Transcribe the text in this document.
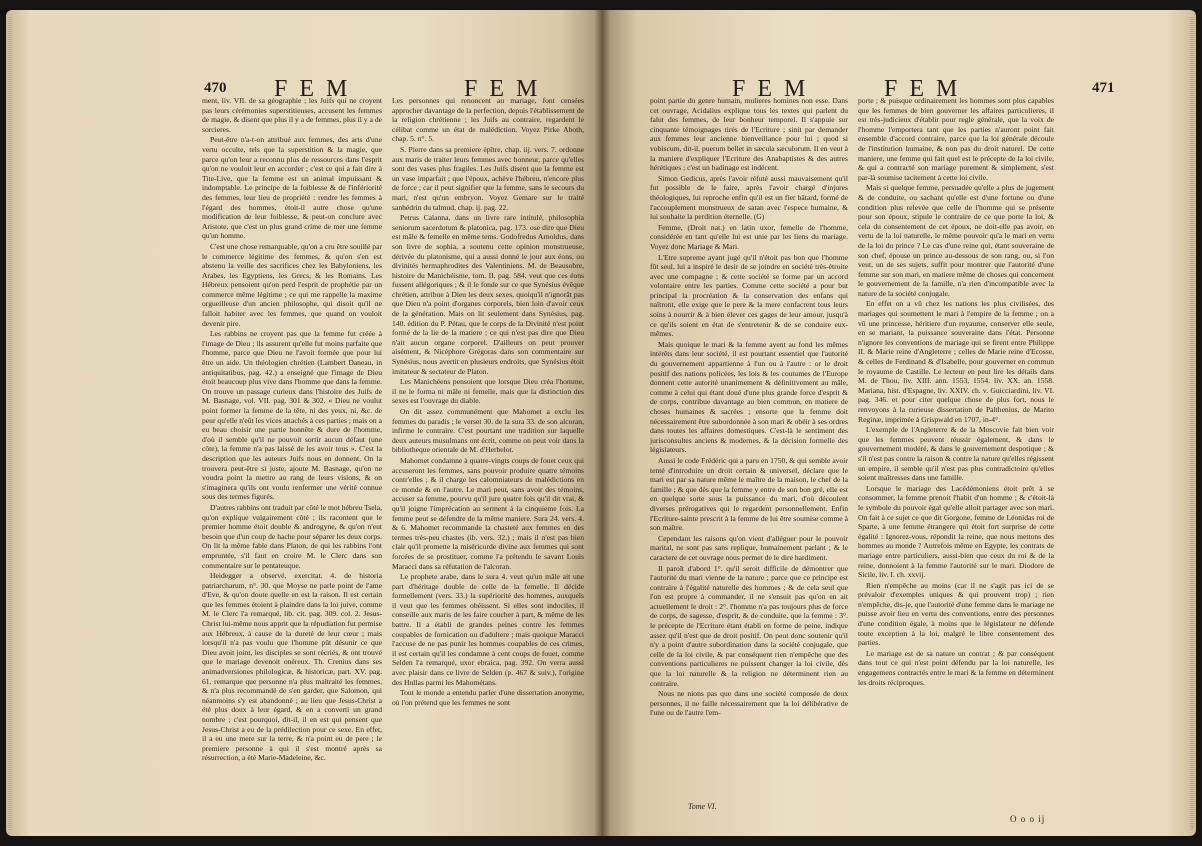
470 F E M	F E M

ment, liv. VII. de sa géographie ; les Juifs qui ne croyent pas leurs cérémonies superstitieuses, accusent les femmes de magie, & disent que plus il y a de femmes, plus il y a de sorcieres.

Peut-être n'a-t-on attribué aux femmes, des arts d'une vertu occulte, tels que la superstition & la magie, que parce qu'on leur a reconnu plus de ressources dans l'esprit qu'on ne vouloit leur en accorder ; c'est ce qui a fait dire à Tite-Live, que la femme est un animal impuissant & indomptable. Le principe de la foiblesse & de l'infériorité des femmes, leur lieu de propriété : rendre les femmes à l'égard des hommes, étoit-il autre chose qu'une modification de leur foiblesse, & peut-on conclure avec Aristote, que c'est un plus grand crime de mer une femme qu'un homme.

C'est une chose remarquable, qu'on a cru être souillé par le commerce légitime des femmes, & qu'on s'en est abstenu la veille des sacrifices chez les Babyloniens, les Arabes, les Egyptiens, les Grecs, & les Romains. Les Hébreux pensoient qu'on perd l'esprit de prophétie par un commerce même légitime ; ce qui me rappelle la maxime orgueilleuse d'un ancien philosophe, qui disoit qu'il ne falloit habiter avec les femmes, que quand on vouloit devenir pire.

Les rabbins ne croyent pas que la femme fut créée à l'image de Dieu ; ils assurent qu'elle fut moins parfaite que l'homme, parce que Dieu ne l'avoit formée que pour lui être un aide. Un théologien chrétien (Lambert Daneau, in antiquitatibus, pag. 42.) a enseigné que l'image de Dieu étoit beaucoup plus vive dans l'homme que dans la femme. On trouve un passage curieux dans l'histoire des Juifs de M. Basnage, vol. VII. pag. 301 & 302. « Dieu ne voulut point former la femme de la tête, ni des yeux, ni, &c. de peur qu'elle n'eût les vices attachés à ces parties ; mais on a eu beau choisir une partie honnête & dure de l'homme, d'où il semble qu'il ne pouvoit sortir aucun défaut (une côte), la femme n'a pas laissé de les avoir tous ». C'est la description que les auteurs Juifs nous en donnent. On la trouvera peut-être si juste, ajoute M. Basnage, qu'on ne voudra point la mettre au rang de leurs visions, & on s'imaginera qu'ils ont voulu renfermer une vérité connue sous des termes figurés.

D'autres rabbins ont traduit par côté le mot hébreu Tsela, qu'on explique vulgairement côté ; ils racontent que le premier homme étoit double & androgyne, & qu'on n'eut besoin que d'un coup de hache pour séparer les deux corps. On lit la même fable dans Platon, de qui les rabbins l'ont empruntée, s'il faut en croire M. le Clerc dans son commentaire sur le pentateuque.

Heidegger a observé, exercitat. 4. de historia patriarcharum, n°. 30. que Moyse ne parle point de l'ame d'Eve, & qu'on doute quelle en est la raison. Il est certain que les femmes étoient à plaindre dans la loi juive, comme M. le Clerc l'a remarqué, lib. cit. pag. 309. col. 2. Jesus-Christ lui-même nous apprit que la répudiation fut permise aux Hébreux, à cause de la dureté de leur cœur ; mais lorsqu'il n'a pas voulu que l'homme pût désunir ce que Dieu avoit joint, les disciples se sont récriés, & ont trouvé que le mariage devenoit onéreux. Th. Crenius dans ses animadversiones philologicæ, & historicæ, part. XV. pag. 61. remarque que personne n'a plus maltraité les femmes, & n'a plus recommandé de s'en garder, que Salomon, qui néanmoins s'y est abandonné ; au lieu que Jesus-Christ a été plus doux à leur égard, & en a converti un grand nombre ; c'est pourquoi, dit-il, il en est qui pensent que Jesus-Christ a eu de la prédilection pour ce sexe. En effet, il a eu une mere sur la terre, & n'a point eu de pere ; le premiere personne à qui il s'est montré après sa résurrection, a été Marie-Madeleine, &c.

Les personnes qui renoncent au mariage, font censées approcher davantage de la perfection, depuis l'établissement de la religion chrétienne ; les Juifs au contraire, regardent le célibat comme un état de malédiction. Voyez Pirke Aboth, chap. 5. n°. 5.

S. Pierre dans sa premiere épître, chap. iij. vers. 7. ordonne aux maris de traiter leurs femmes avec honneur, parce qu'elles sont des vases plus fragiles. Les Juifs disent que la femme est un vase imparfait ; que l'époux, achève l'hébreu, n'encore plus de force ; car il peut signifier que la femme, sans le secours du mari, n'est qu'un embryon. Voyez Gemare sur le traité sanhédrin du talmud, chap. ij. pag. 22.

Petrus Calanna, dans un livre rare intitulé, philosophia seniorum sacerdotum & platonica, pag. 173. ose dire que Dieu est mâle & femelle en même tems. Godofredus Arnoldus, dans son livre de sophia, a soutenu cette opinion monstrueuse, dérivée du platonisme, qui a aussi donné le jour aux éons, ou divinités hermaphrodites des Valentiniens. M. de Beausobre, histoire du Manichéisme, tom. II. pag. 584. veut que ces éons fussent allégoriques ; & il le fonde sur ce que Synésius évêque chrétien, attribue à Dieu les deux sexes, quoiqu'il n'ignorât pas que Dieu n'a point d'organes corporels, bien loin d'avoir ceux de la génération. Mais on lit seulement dans Synésius, pag. 140. édition du P. Pétau, que le corps de la Divinité n'est point formé de la lie de la matiere ; ce qui n'est pas dire que Dieu n'ait aucun organe corporel. D'ailleurs on peut prouver aisément, & Nicéphore Grégoras dans son commentaire sur Synésius, nous avertit en plusieurs endroits, que Synésius étoit imitateur & sectateur de Platon.

Les Manichéens pensoient que lorsque Dieu créa l'homme, il ne le forma ni mâle ni femelle, mais que la distinction des sexes est l'ouvrage du diable.

On dit assez communément que Mahomet a exclu les femmes du paradis ; le verset 30. de la sura 33. de son alcoran, infirme le contraire. C'est pourtant une tradition sur laquelle deux auteurs musulmans ont écrit, comme on peut voir dans la bibliotheque orientale de M. d'Herbelot.

Mahomet condamne à quatre-vingts coups de fouet ceux qui accuseront les femmes, sans pouvoir produire quatre témoins contr'elles ; & il charge les calomniateurs de malédictions en ce monde & en l'autre. Le mari peut, sans avoir des témoins, accuser sa femme, pourvu qu'il jure quatre fois qu'il dit vrai, & qu'il joigne l'imprécation au serment à la cinquieme fois. La femme peut se défendre de la même maniere. Sura 24. vers. 4. & 6. Mahomet recommande la chasteté aux femmes en des termes très-peu chastes (ib. vers. 32.) ; mais il n'est pas bien clair qu'il promette la miséricorde divine aux femmes qui sont forcées de se prostituer, comme l'a prétendu le savant Louis Maracci dans sa réfutation de l'alcoran.

Le prophete arabe, dans le sura 4. veut qu'un mâle ait une part d'héritage double de celle de la femelle. Il décide formellement (vers. 33.) la supériorité des hommes, auxquels il veut que les femmes obéissent. Si elles sont indociles, il conseille aux maris de les faire coucher à part, & même de les battre. Il a établi de grandes peines contre les femmes coupables de fornication ou d'adultere ; mais quoique Maracci l'accuse de ne pas punir les hommes coupables de ces crimes, il est certain qu'il les condamne à cent coups de fouet, comme Selden l'a remarqué, uxor ebraica, pag. 392. On verra aussi avec plaisir dans ce livre de Selden (p. 467 & suiv.), l'origine des Hullas parmi les Mahométans.

Tout le monde a entendu parler d'une dissertation anonyme, où l'on prétend que les femmes ne sont

F E M	F E M	471

point partie du genre humain, mulieres homines non esse. Dans cet ouvrage, Acidalius explique tous les textes qui parlent du falut des femmes, de leur bonheur temporel. Il s'appuie sur cinquante témoignages tirés de l'Ecriture ; sinit par demander aux femmes leur ancienne bienveillance pour lui ; quod si vobiscum, dit-il, puerum bellet in sæcula sæculorum. Il en veut à la maniere d'expliquer l'Ecriture des Anabaptistes & des autres hérétiques ; c'est un badinage est indécent.

Simon Gedicus, après l'avoir réfuté aussi mauvaisement qu'il fut possible de le faire, après l'avoir chargé d'injures théologiques, lui reproche enfin qu'il est un fier bâtard, formé de l'accouplement monstrueux de satan avec l'espece humaine, & lui souhaite la perdition éternelle. (G)

Femme, (Droit nat.) en latin uxor, femelle de l'homme, considérée en tant qu'elle lui est unie par les liens du mariage. Voyez donc Mariage & Mari.

L'Etre supreme ayant jugé qu'il n'étoit pas bon que l'homme fût seul, lui a inspiré le desir de se joindre en société très-étroite avec une compagne ; & cette société se forme par un accord volontaire entre les parties. Comme cette société a pour but principal la procréation & la conservation des enfans qui naîtront, elle exige que le pere & la mere confacrent tous leurs soins à nourrir & à bien élever ces gages de leur amour, jusqu'à ce qu'ils soient en état de s'entretenir & de se conduire eux-mêmes.

Mais quoique le mari & la femme ayent au fond les mêmes intérêts dans leur société, il est pourtant essentiel que l'autorité du gouvernement appartienne à l'un ou à l'autre : or le droit positif des nations policées, les lois & les coutumes de l'Europe donnent cette autorité unanimement & définitivement au mâle, comme à celui qui étant doué d'une plus grande force d'esprit & de corps, contribue davantage au bien commun, en matiere de choses humaines & sacrées ; ensorte que la femme doit nécessairement être subordonnée à son mari & obéir à ses ordres dans toutes les affaires domestiques. C'est-là le sentiment des jurisconsultes anciens & modernes, & la décision formelle des législateurs.

Aussi le code Frédéric qui a paru en 1750, & qui semble avoir tenté d'introduire un droit certain & universel, déclare que le mari est par sa nature même le maître de la maison, le chef de la famille ; & que dès que la femme y entre de son bon gré, elle est en quelque sorte sous la puissance du mari, d'où découlent diverses prérogatives qui le regardent personnellement. Enfin l'Ecriture-sainte prescrit à la femme de lui être soumise comme à son maître.

Cependant les raisons qu'on vient d'alléguer pour le pouvoir marital, ne sont pas sans replique, humainement parlant ; & le caractere de cet ouvrage nous permet de le dire hardiment.

Il paroît d'abord 1°. qu'il seroit difficile de démontrer que l'autorité du mari vienne de la nature ; parce que ce principe est contraire à l'égalité naturelle des hommes ; & de cela seul que l'on est propre à commander, il ne s'ensuit pas qu'on en ait actuellement le droit : 2°. l'homme n'a pas toujours plus de force de corps, de sagesse, d'esprit, & de conduite, que la femme : 3°. le précepte de l'Ecriture étant établi en forme de peine, indique assez qu'il n'est que de droit positif. On peut donc soutenir qu'il n'y a point d'autre subordination dans la société conjugale, que celle de la loi civile, & par conséquent rien n'empêche que des conventions particulieres ne puissent changer la loi civile, dès que la loi naturelle & la religion ne déterminent rien au contraire.

Nous ne nions pas que dans une société composée de deux personnes, il ne faille nécessairement que la loi délibérative de l'une ou de l'autre l'em-

porte ; & puisque ordinairement les hommes sont plus capables que les femmes de bien gouverner les affaires particulieres, il est très-judicieux d'établir pour regle générale, que la voix de l'homme l'emportera tant que les parties n'auront point fait ensemble d'accord contraire, parce que la loi générale découle de l'institution humaine, & non pas du droit naturel. De cette maniere, une femme qui fait quel est le précepte de la loi civile, & qui a contracté son mariage purement & simplement, s'est par-là soumise tacitement à cette loi civile.

Mais si quelque femme, persuadée qu'elle a plus de jugement & de conduite, ou sachant qu'elle est d'une fortune ou d'une condition plus relevée que celle de l'homme qui se présente pour son époux, stipule le contraire de ce que porte la loi, & cela du consentement de cet époux, ne doit-elle pas avoir, en vertu de la loi naturelle, le même pouvoir qu'a le mari en vertu de la loi du prince ? Le cas d'une reine qui, étant souveraine de son chef, épouse un prince au-dessous de son rang, ou, si l'on veut, un de ses sujets, suffit pour montrer que l'autorité d'une femme sur son mari, en matiere même de choses qui concernent le gouvernement de la famille, n'a rien d'incompatible avec la nature de la société conjugale.

En effet on a vû chez les nations les plus civilisées, des mariages qui soumettent le mari à l'empire de la femme ; on a vû une princesse, héritiere d'un royaume, conserver elle seule, en se mariant, la puissance souveraine dans l'état. Personne n'ignore les conventions de mariage qui se firent entre Philippe II. & Marie reine d'Angleterre ; celles de Marie reine d'Ecosse, & celles de Ferdinand & d'Isabelle, pour gouverner en commun le royaume de Castille. Le lecteur en peut lire les détails dans M. de Thou, liv. XIII. ann. 1553, 1554. liv. XX. an. 1558. Mariana, hist. d'Espagne, liv. XXIV. ch. v. Guicciardini, liv. VI. pag. 346. et pour citer quelque chose de plus fort, nous le renvoyons à la curieuse dissertation de Palthenius, de Marito Reginæ, imprimée à Grispwald en 1707, in-4°.

L'exemple de l'Angleterre & de la Moscovie fait bien voir que les femmes peuvent réussir également, & dans le gouvernement modéré, & dans le gouvernement despotique ; & s'il n'est pas contre la raison & contre la nature qu'elles régissent un empire, il semble qu'il n'est pas plus contradictoire qu'elles soient maîtresses dans une famille.

Lorsque le mariage des Lacédémoniens étoit prêt à se consommer, la femme prenoit l'habit d'un homme ; & c'étoit-là le symbole du pouvoir égal qu'elle alloit partager avec son mari. On fait à ce sujet ce que dit Gorgone, femme de Léonidas roi de Sparte, à une femme étrangere qui étoit fort surprise de cette égalité : Ignorez-vous, répondit la reine, que nous mettons des hommes au monde ? Autrefois même en Egypte, les contrats de mariage entre particuliers, aussi-bien que ceux du roi & de la reine, donnoient à la femme l'autorité sur le mari. Diodore de Sicile, liv. I. ch. xxvij.

Rien n'empêche au moins (car il ne s'agit pas ici de se prévaloir d'exemples uniques & qui prouvent trop) ; rien n'empêche, dis-je, que l'autorité d'une femme dans le mariage ne puisse avoir lieu en vertu des conventions, entre des personnes d'une condition égale, à moins que le législateur ne défende toute exception à la loi, malgré le libre consentement des parties.

Le mariage est de sa nature un contrat ; & par conséquent dans tout ce qui n'est point défendu par la loi naturelle, les engagemens contractés entre le mari & la femme en déterminent les droits réciproques.

Tome VI.
O o o ij
